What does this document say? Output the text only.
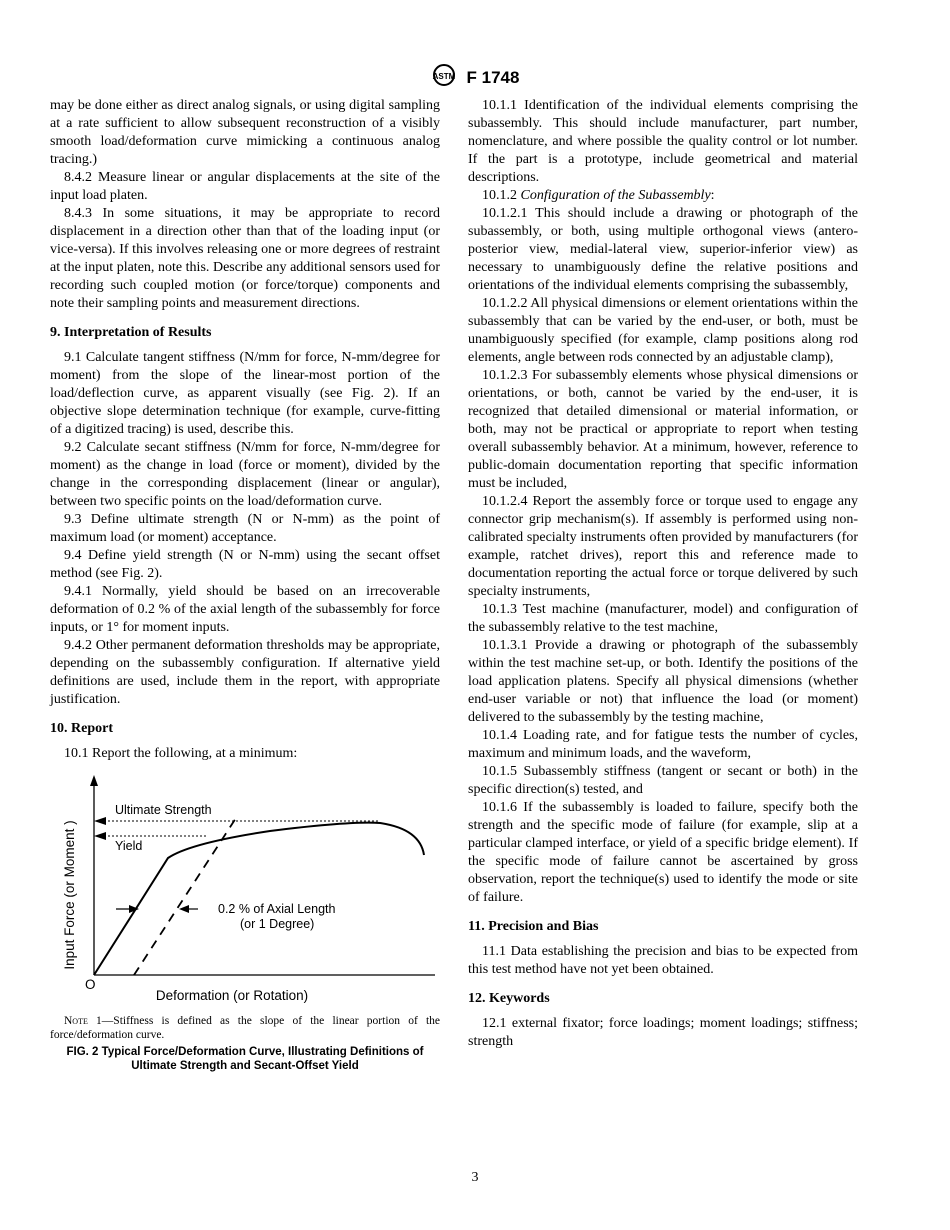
ASTM F 1748

may be done either as direct analog signals, or using digital sampling at a rate sufficient to allow subsequent reconstruction of a visibly smooth load/deformation curve mimicking a continuous analog tracing.)

8.4.2 Measure linear or angular displacements at the site of the input load platen.

8.4.3 In some situations, it may be appropriate to record displacement in a direction other than that of the loading input (or vice-versa). If this involves releasing one or more degrees of restraint at the input platen, note this. Describe any additional sensors used for recording such coupled motion (or force/torque) components and note their sampling points and measurement directions.

9. Interpretation of Results

9.1 Calculate tangent stiffness (N/mm for force, N-mm/degree for moment) from the slope of the linear-most portion of the load/deflection curve, as apparent visually (see Fig. 2). If an objective slope determination technique (for example, curve-fitting of a digitized tracing) is used, describe this.

9.2 Calculate secant stiffness (N/mm for force, N-mm/degree for moment) as the change in load (force or moment), divided by the change in the corresponding displacement (linear or angular), between two specific points on the load/deformation curve.

9.3 Define ultimate strength (N or N-mm) as the point of maximum load (or moment) acceptance.

9.4 Define yield strength (N or N-mm) using the secant offset method (see Fig. 2).

9.4.1 Normally, yield should be based on an irrecoverable deformation of 0.2 % of the axial length of the subassembly for force inputs, or 1° for moment inputs.

9.4.2 Other permanent deformation thresholds may be appropriate, depending on the subassembly configuration. If alternative yield definitions are used, include them in the report, with appropriate justification.

10. Report

10.1 Report the following, at a minimum:

Ultimate Strength
Yield
0.2 % of Axial Length
(or 1 Degree)
Input Force (or Moment )
Deformation (or Rotation)
O
Note 1—Stiffness is defined as the slope of the linear portion of the force/deformation curve.
FIG. 2 Typical Force/Deformation Curve, Illustrating Definitions of
Ultimate Strength and Secant-Offset Yield

10.1.1 Identification of the individual elements comprising the subassembly. This should include manufacturer, part number, nomenclature, and where possible the quality control or lot number. If the part is a prototype, include geometrical and material descriptions.

10.1.2 Configuration of the Subassembly:

10.1.2.1 This should include a drawing or photograph of the subassembly, or both, using multiple orthogonal views (antero-posterior view, medial-lateral view, superior-inferior view) as necessary to unambiguously define the relative positions and orientations of the individual elements comprising the subassembly,

10.1.2.2 All physical dimensions or element orientations within the subassembly that can be varied by the end-user, or both, must be unambiguously specified (for example, clamp positions along rod elements, angle between rods connected by an adjustable clamp),

10.1.2.3 For subassembly elements whose physical dimensions or orientations, or both, cannot be varied by the end-user, it is recognized that detailed dimensional or material information, or both, may not be practical or appropriate to report when testing overall subassembly behavior. At a minimum, however, reference to public-domain documentation reporting that specific information must be included,

10.1.2.4 Report the assembly force or torque used to engage any connector grip mechanism(s). If assembly is performed using non-calibrated specialty instruments often provided by manufacturers (for example, ratchet drives), report this and reference made to documentation reporting the actual force or torque delivered by such specialty instruments,

10.1.3 Test machine (manufacturer, model) and configuration of the subassembly relative to the test machine,

10.1.3.1 Provide a drawing or photograph of the subassembly within the test machine set-up, or both. Identify the positions of the load application platens. Specify all physical dimensions (whether end-user variable or not) that influence the load (or moment) delivered to the subassembly by the testing machine,

10.1.4 Loading rate, and for fatigue tests the number of cycles, maximum and minimum loads, and the waveform,

10.1.5 Subassembly stiffness (tangent or secant or both) in the specific direction(s) tested, and

10.1.6 If the subassembly is loaded to failure, specify both the strength and the specific mode of failure (for example, slip at a particular clamped interface, or yield of a specific bridge element). If the specific mode of failure cannot be ascertained by gross observation, report the technique(s) used to identify the mode or site of failure.

11. Precision and Bias

11.1 Data establishing the precision and bias to be expected from this test method have not yet been obtained.

12. Keywords

12.1 external fixator; force loadings; moment loadings; stiffness; strength

3
